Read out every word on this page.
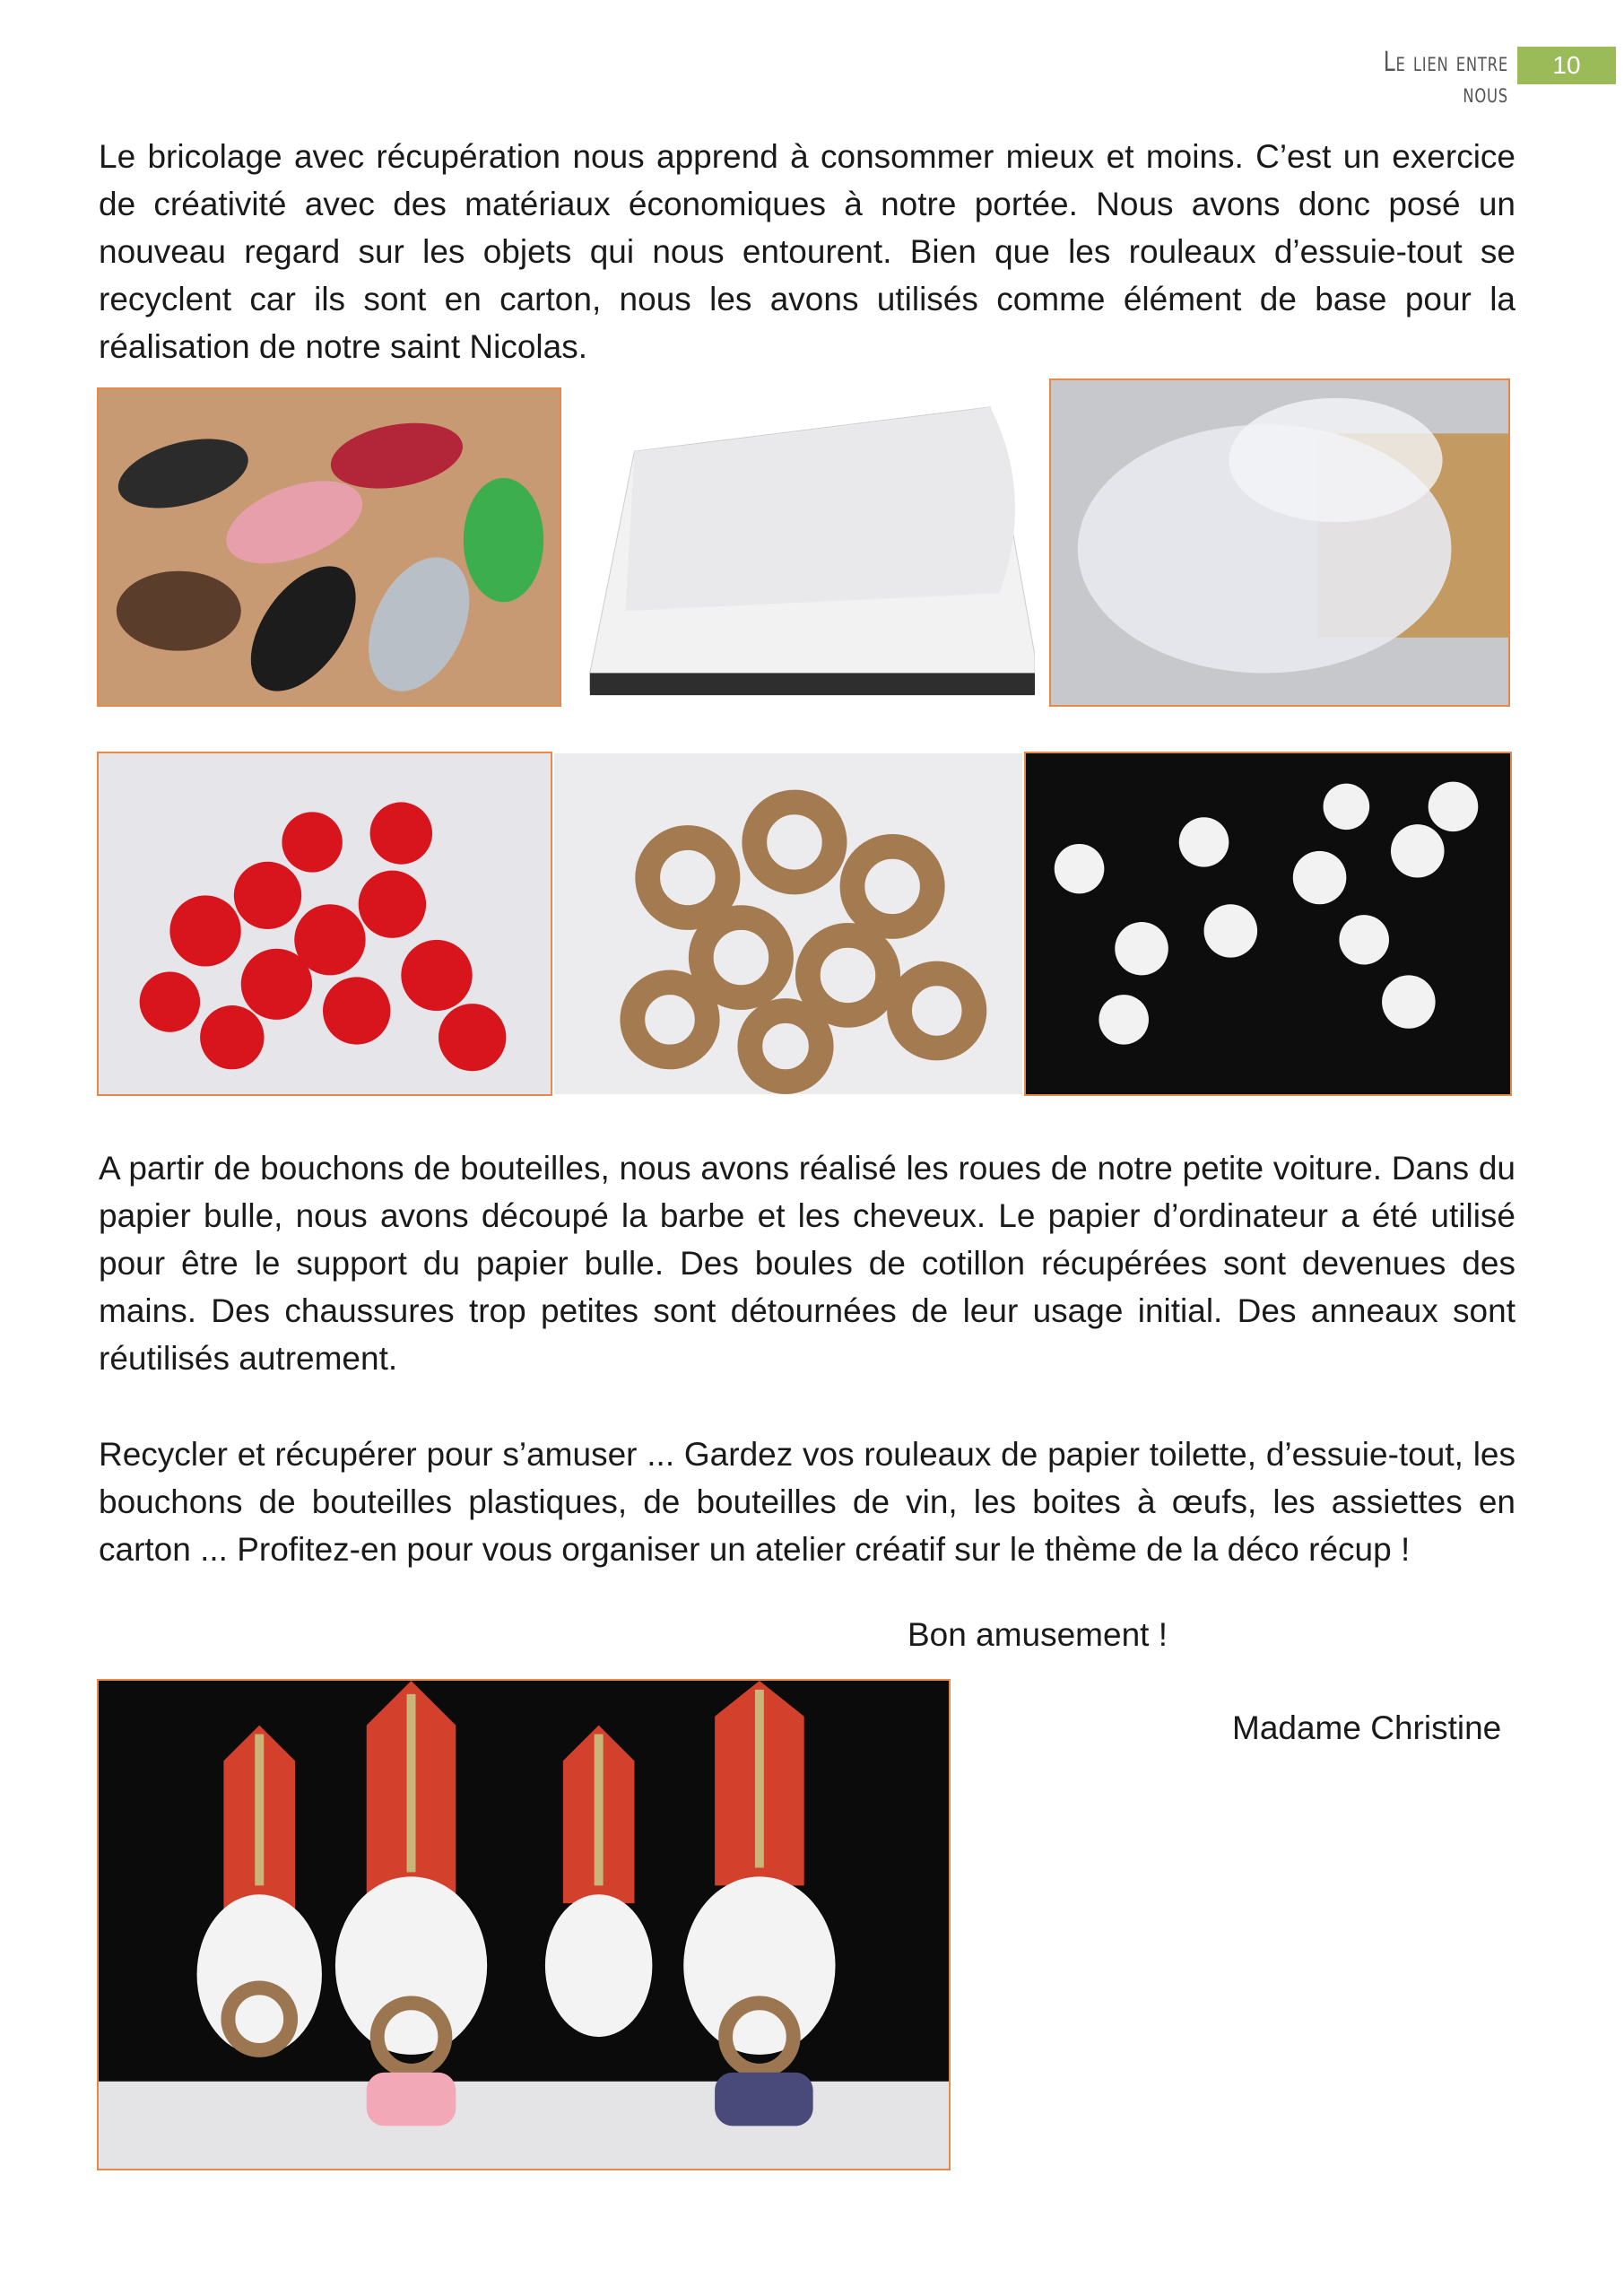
Le lien entre nous
10

Le bricolage avec récupération nous apprend à consommer mieux et moins. C’est un exercice de créativité avec des matériaux économiques à notre portée. Nous avons donc posé un nouveau regard sur les objets qui nous entourent. Bien que les rouleaux d’essuie-tout se recyclent car ils sont en carton, nous les avons utilisés comme élément de base pour la réalisation de notre saint Nicolas.

A partir de bouchons de bouteilles, nous avons réalisé les roues de notre petite voiture. Dans du papier bulle, nous avons découpé la barbe et les cheveux. Le papier d’ordinateur a été utilisé pour être le support du papier bulle. Des boules de cotillon récupérées sont devenues des mains. Des chaussures trop petites sont détournées de leur usage initial. Des anneaux sont réutilisés autrement.

Recycler et récupérer pour s’amuser ... Gardez vos rouleaux de papier toilette, d’essuie-tout, les bouchons de bouteilles plastiques, de bouteilles de vin, les boites à œufs, les assiettes en carton ... Profitez-en pour vous organiser un atelier créatif sur le thème de la déco récup !

Bon amusement !
Madame Christine
